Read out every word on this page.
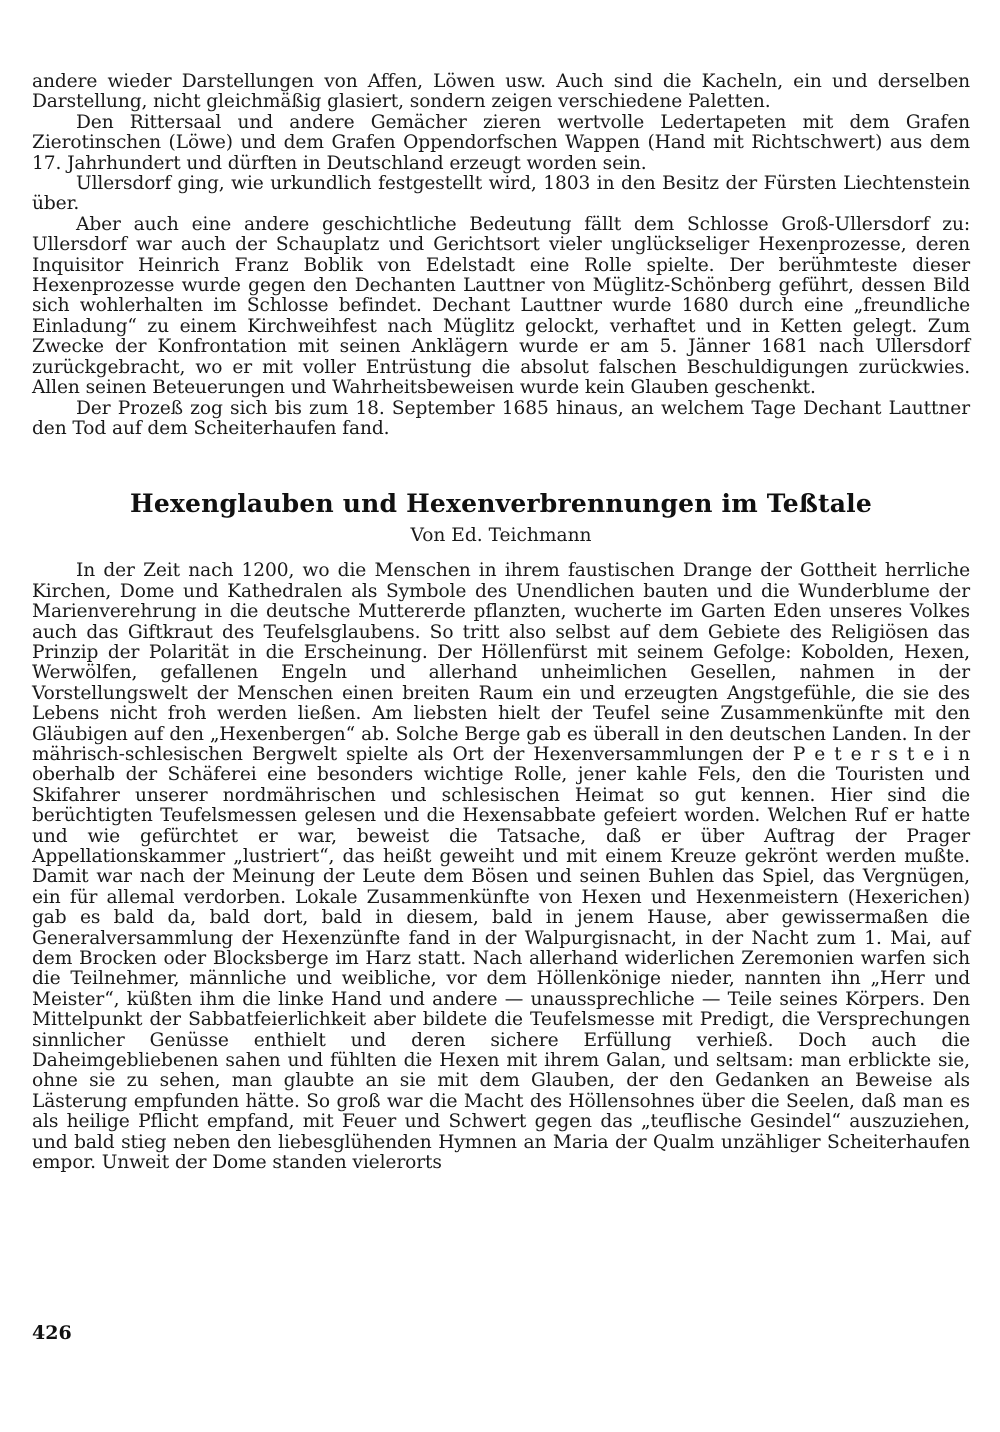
andere wieder Darstellungen von Affen, Löwen usw. Auch sind die Kacheln, ein und derselben Darstellung, nicht gleichmäßig glasiert, sondern zeigen verschiedene Paletten.

Den Rittersaal und andere Gemächer zieren wertvolle Ledertapeten mit dem Grafen Zierotinschen (Löwe) und dem Grafen Oppendorfschen Wappen (Hand mit Richtschwert) aus dem 17. Jahrhundert und dürften in Deutschland erzeugt worden sein.

Ullersdorf ging, wie urkundlich festgestellt wird, 1803 in den Besitz der Fürsten Liechtenstein über.

Aber auch eine andere geschichtliche Bedeutung fällt dem Schlosse Groß-Ullersdorf zu: Ullersdorf war auch der Schauplatz und Gerichtsort vieler unglückseliger Hexenprozesse, deren Inquisitor Heinrich Franz Boblik von Edelstadt eine Rolle spielte. Der berühmteste dieser Hexenprozesse wurde gegen den Dechanten Lauttner von Müglitz-Schönberg geführt, dessen Bild sich wohlerhalten im Schlosse befindet. Dechant Lauttner wurde 1680 durch eine „freundliche Einladung“ zu einem Kirchweihfest nach Müglitz gelockt, verhaftet und in Ketten gelegt. Zum Zwecke der Konfrontation mit seinen Anklägern wurde er am 5. Jänner 1681 nach Ullersdorf zurückgebracht, wo er mit voller Entrüstung die absolut falschen Beschuldigungen zurückwies. Allen seinen Beteuerungen und Wahrheitsbeweisen wurde kein Glauben geschenkt.

Der Prozeß zog sich bis zum 18. September 1685 hinaus, an welchem Tage Dechant Lauttner den Tod auf dem Scheiterhaufen fand.

Hexenglauben und Hexenverbrennungen im Teßtale
Von Ed. Teichmann

In der Zeit nach 1200, wo die Menschen in ihrem faustischen Drange der Gottheit herrliche Kirchen, Dome und Kathedralen als Symbole des Unendlichen bauten und die Wunderblume der Marienverehrung in die deutsche Muttererde pflanzten, wucherte im Garten Eden unseres Volkes auch das Giftkraut des Teufelsglaubens. So tritt also selbst auf dem Gebiete des Religiösen das Prinzip der Polarität in die Erscheinung. Der Höllenfürst mit seinem Gefolge: Kobolden, Hexen, Werwölfen, gefallenen Engeln und allerhand unheimlichen Gesellen, nahmen in der Vorstellungswelt der Menschen einen breiten Raum ein und erzeugten Angstgefühle, die sie des Lebens nicht froh werden ließen. Am liebsten hielt der Teufel seine Zusammenkünfte mit den Gläubigen auf den „Hexenbergen“ ab. Solche Berge gab es überall in den deutschen Landen. In der mährisch-schlesischen Bergwelt spielte als Ort der Hexenversammlungen der P e t e r s t e i n oberhalb der Schäferei eine besonders wichtige Rolle, jener kahle Fels, den die Touristen und Skifahrer unserer nordmährischen und schlesischen Heimat so gut kennen. Hier sind die berüchtigten Teufelsmessen gelesen und die Hexensabbate gefeiert worden. Welchen Ruf er hatte und wie gefürchtet er war, beweist die Tatsache, daß er über Auftrag der Prager Appellationskammer „lustriert“, das heißt geweiht und mit einem Kreuze gekrönt werden mußte. Damit war nach der Meinung der Leute dem Bösen und seinen Buhlen das Spiel, das Vergnügen, ein für allemal verdorben. Lokale Zusammenkünfte von Hexen und Hexenmeistern (Hexerichen) gab es bald da, bald dort, bald in diesem, bald in jenem Hause, aber gewissermaßen die Generalversammlung der Hexenzünfte fand in der Walpurgisnacht, in der Nacht zum 1. Mai, auf dem Brocken oder Blocksberge im Harz statt. Nach allerhand widerlichen Zeremonien warfen sich die Teilnehmer, männliche und weibliche, vor dem Höllenkönige nieder, nannten ihn „Herr und Meister“, küßten ihm die linke Hand und andere — unaussprechliche — Teile seines Körpers. Den Mittelpunkt der Sabbatfeierlichkeit aber bildete die Teufelsmesse mit Predigt, die Versprechungen sinnlicher Genüsse enthielt und deren sichere Erfüllung verhieß. Doch auch die Daheimgebliebenen sahen und fühlten die Hexen mit ihrem Galan, und seltsam: man erblickte sie, ohne sie zu sehen, man glaubte an sie mit dem Glauben, der den Gedanken an Beweise als Lästerung empfunden hätte. So groß war die Macht des Höllensohnes über die Seelen, daß man es als heilige Pflicht empfand, mit Feuer und Schwert gegen das „teuflische Gesindel“ auszuziehen, und bald stieg neben den liebesglühenden Hymnen an Maria der Qualm unzähliger Scheiterhaufen empor. Unweit der Dome standen vielerorts

426
